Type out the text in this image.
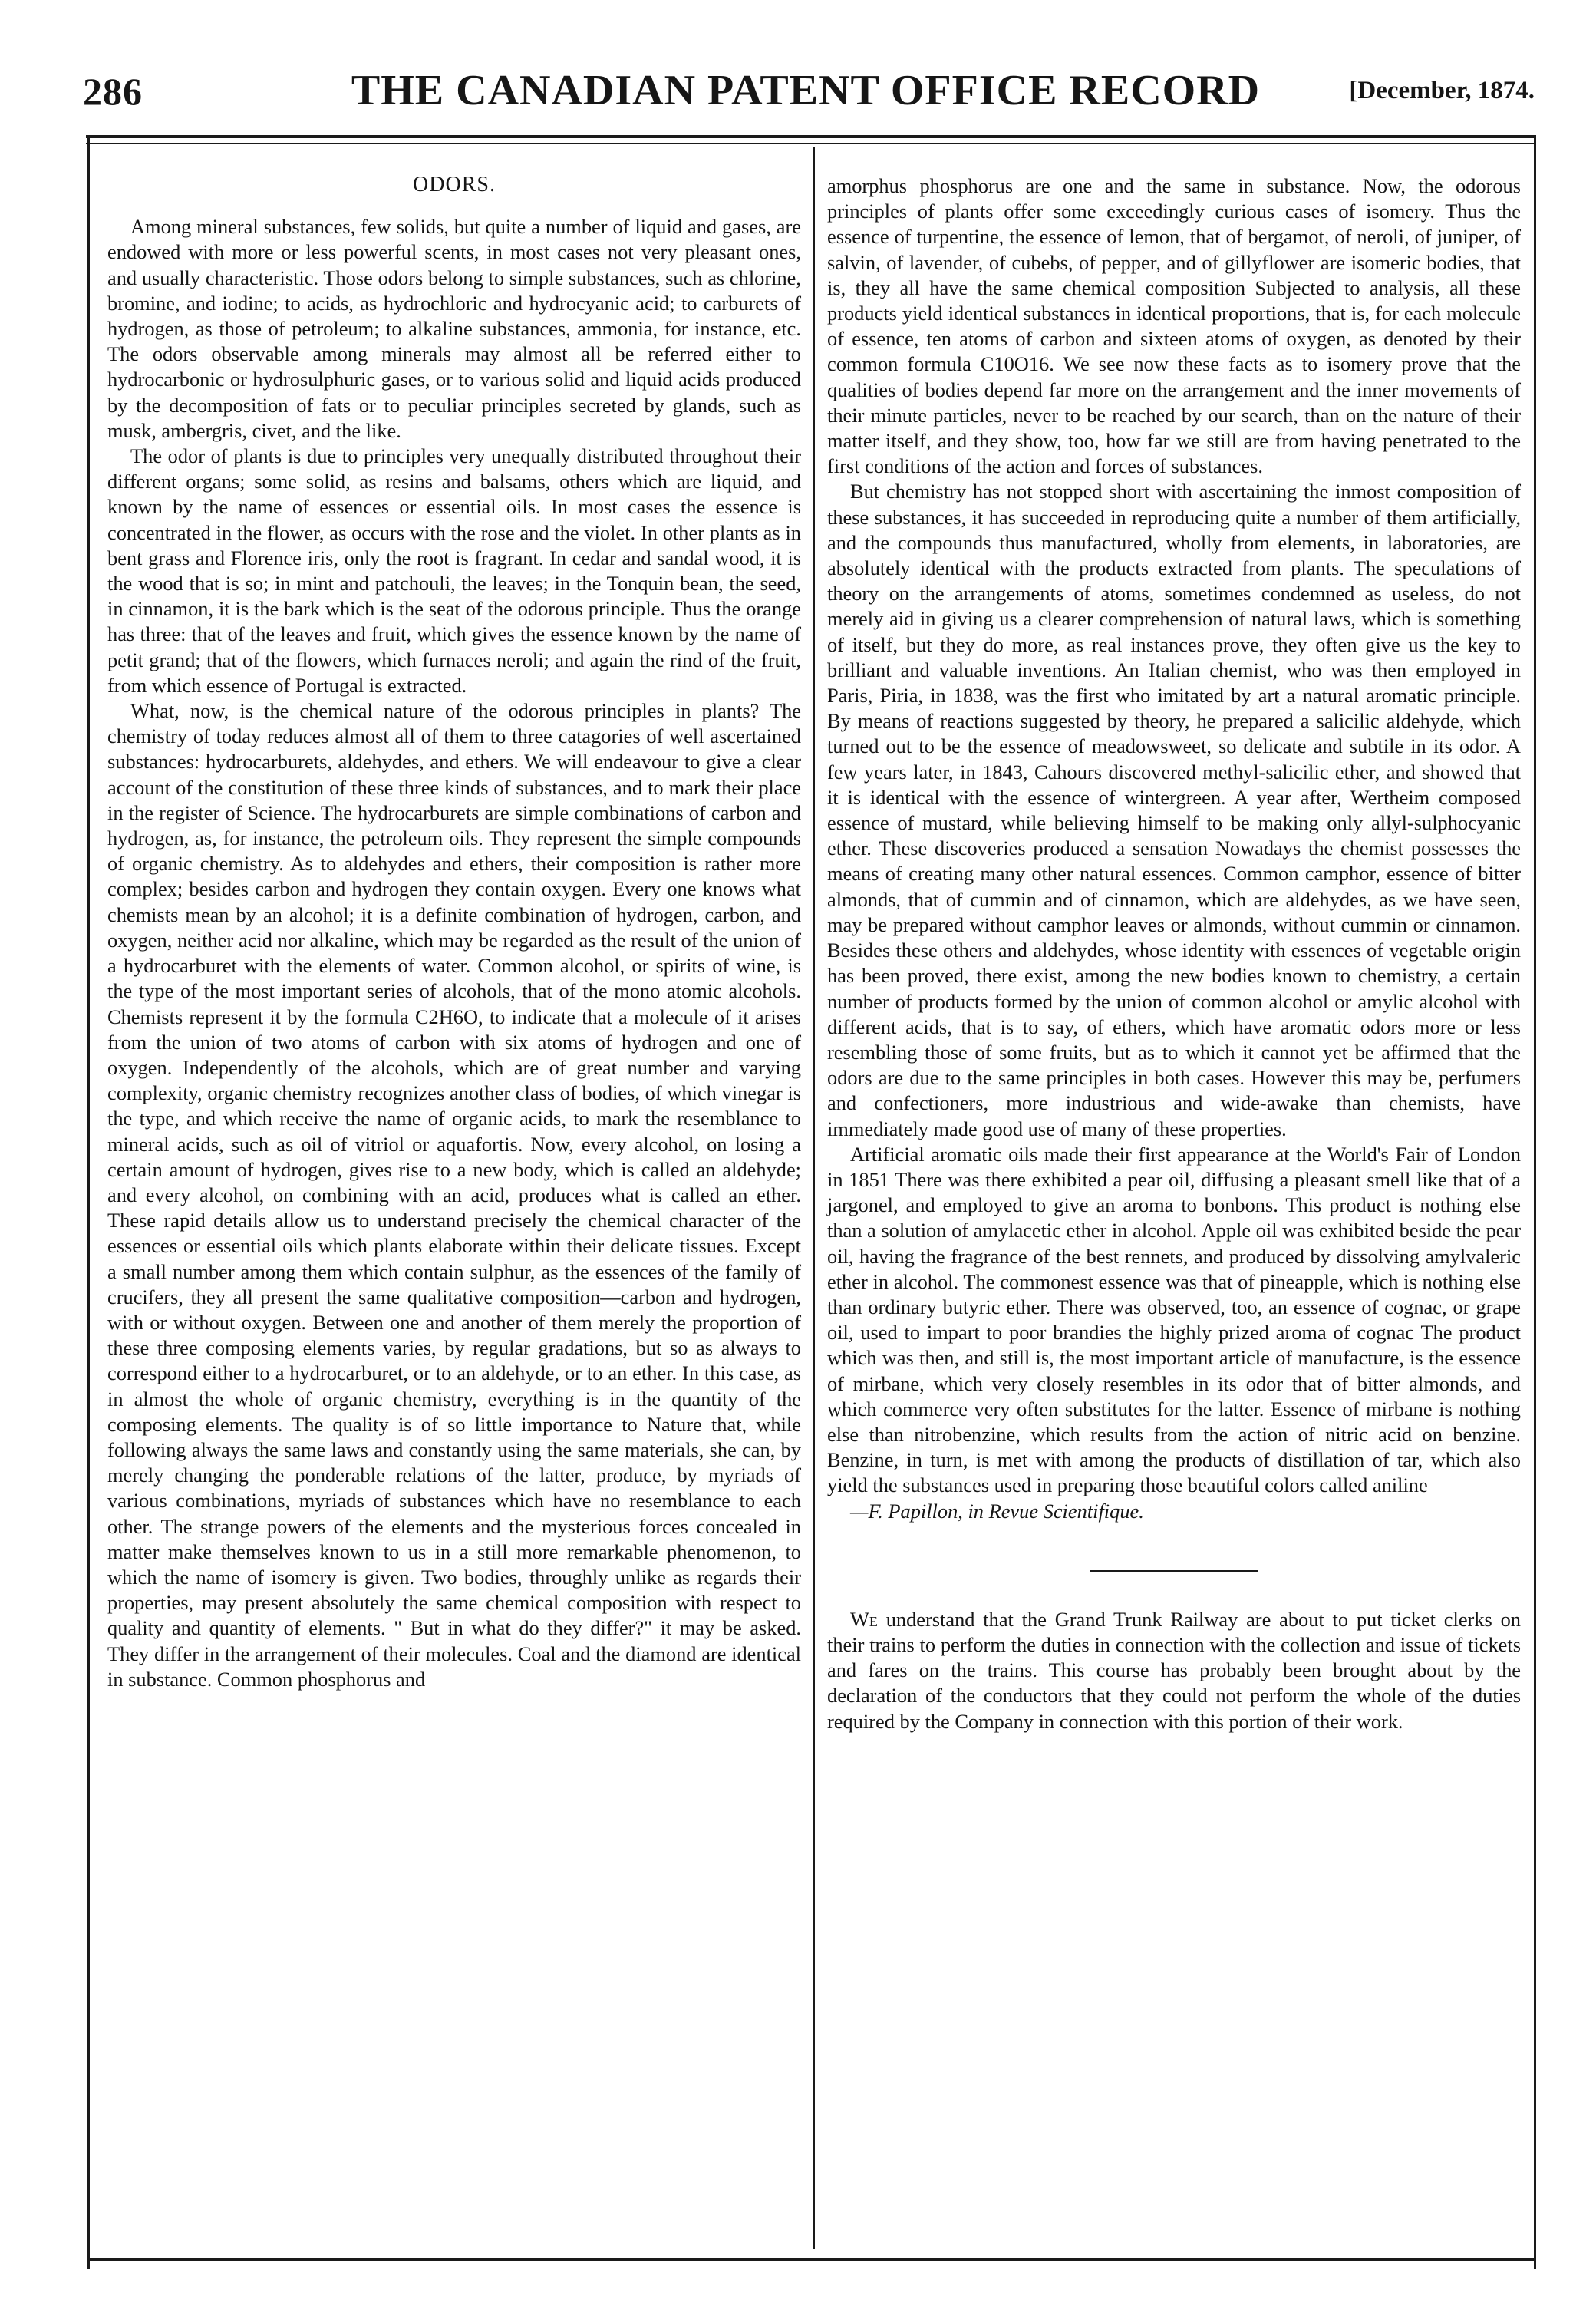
286	THE CANADIAN PATENT OFFICE RECORD	[December, 1874.
ODORS.

Among mineral substances, few solids, but quite a number of liquid and gases, are endowed with more or less powerful scents, in most cases not very pleasant ones, and usually characteristic. Those odors belong to simple substances, such as chlorine, bromine, and iodine; to acids, as hydrochloric and hydrocyanic acid; to carburets of hydrogen, as those of petroleum; to alkaline substances, ammonia, for instance, etc. The odors observable among minerals may almost all be referred either to hydrocarbonic or hydrosulphuric gases, or to various solid and liquid acids produced by the decomposition of fats or to peculiar principles secreted by glands, such as musk, ambergris, civet, and the like.

The odor of plants is due to principles very unequally distributed throughout their different organs; some solid, as resins and balsams, others which are liquid, and known by the name of essences or essential oils. In most cases the essence is concentrated in the flower, as occurs with the rose and the violet. In other plants as in bent grass and Florence iris, only the root is fragrant. In cedar and sandal wood, it is the wood that is so; in mint and patchouli, the leaves; in the Tonquin bean, the seed, in cinnamon, it is the bark which is the seat of the odorous principle. Thus the orange has three: that of the leaves and fruit, which gives the essence known by the name of petit grand; that of the flowers, which furnaces neroli; and again the rind of the fruit, from which essence of Portugal is extracted.

What, now, is the chemical nature of the odorous principles in plants? The chemistry of today reduces almost all of them to three catagories of well ascertained substances: hydrocarburets, aldehydes, and ethers. We will endeavour to give a clear account of the constitution of these three kinds of substances, and to mark their place in the register of Science. The hydrocarburets are simple combinations of carbon and hydrogen, as, for instance, the petroleum oils. They represent the simple compounds of organic chemistry. As to aldehydes and ethers, their composition is rather more complex; besides carbon and hydrogen they contain oxygen. Every one knows what chemists mean by an alcohol; it is a definite combination of hydrogen, carbon, and oxygen, neither acid nor alkaline, which may be regarded as the result of the union of a hydrocarburet with the elements of water. Common alcohol, or spirits of wine, is the type of the most important series of alcohols, that of the mono atomic alcohols. Chemists represent it by the formula C2H6O, to indicate that a molecule of it arises from the union of two atoms of carbon with six atoms of hydrogen and one of oxygen. Independently of the alcohols, which are of great number and varying complexity, organic chemistry recognizes another class of bodies, of which vinegar is the type, and which receive the name of organic acids, to mark the resemblance to mineral acids, such as oil of vitriol or aquafortis. Now, every alcohol, on losing a certain amount of hydrogen, gives rise to a new body, which is called an aldehyde; and every alcohol, on combining with an acid, produces what is called an ether. These rapid details allow us to understand precisely the chemical character of the essences or essential oils which plants elaborate within their delicate tissues. Except a small number among them which contain sulphur, as the essences of the family of crucifers, they all present the same qualitative composition—carbon and hydrogen, with or without oxygen. Between one and another of them merely the proportion of these three composing elements varies, by regular gradations, but so as always to correspond either to a hydrocarburet, or to an aldehyde, or to an ether. In this case, as in almost the whole of organic chemistry, everything is in the quantity of the composing elements. The quality is of so little importance to Nature that, while following always the same laws and constantly using the same materials, she can, by merely changing the ponderable relations of the latter, produce, by myriads of various combinations, myriads of substances which have no resemblance to each other. The strange powers of the elements and the mysterious forces concealed in matter make themselves known to us in a still more remarkable phenomenon, to which the name of isomery is given. Two bodies, throughly unlike as regards their properties, may present absolutely the same chemical composition with respect to quality and quantity of elements. " But in what do they differ?" it may be asked. They differ in the arrangement of their molecules. Coal and the diamond are identical in substance. Common phosphorus and

amorphus phosphorus are one and the same in substance. Now, the odorous principles of plants offer some exceedingly curious cases of isomery. Thus the essence of turpentine, the essence of lemon, that of bergamot, of neroli, of juniper, of salvin, of lavender, of cubebs, of pepper, and of gillyflower are isomeric bodies, that is, they all have the same chemical composition Subjected to analysis, all these products yield identical substances in identical proportions, that is, for each molecule of essence, ten atoms of carbon and sixteen atoms of oxygen, as denoted by their common formula C10O16. We see now these facts as to isomery prove that the qualities of bodies depend far more on the arrangement and the inner movements of their minute particles, never to be reached by our search, than on the nature of their matter itself, and they show, too, how far we still are from having penetrated to the first conditions of the action and forces of substances.

But chemistry has not stopped short with ascertaining the inmost composition of these substances, it has succeeded in reproducing quite a number of them artificially, and the compounds thus manufactured, wholly from elements, in laboratories, are absolutely identical with the products extracted from plants. The speculations of theory on the arrangements of atoms, sometimes condemned as useless, do not merely aid in giving us a clearer comprehension of natural laws, which is something of itself, but they do more, as real instances prove, they often give us the key to brilliant and valuable inventions. An Italian chemist, who was then employed in Paris, Piria, in 1838, was the first who imitated by art a natural aromatic principle. By means of reactions suggested by theory, he prepared a salicilic aldehyde, which turned out to be the essence of meadowsweet, so delicate and subtile in its odor. A few years later, in 1843, Cahours discovered methyl-salicilic ether, and showed that it is identical with the essence of wintergreen. A year after, Wertheim composed essence of mustard, while believing himself to be making only allyl-sulphocyanic ether. These discoveries produced a sensation Nowadays the chemist possesses the means of creating many other natural essences. Common camphor, essence of bitter almonds, that of cummin and of cinnamon, which are aldehydes, as we have seen, may be prepared without camphor leaves or almonds, without cummin or cinnamon. Besides these others and aldehydes, whose identity with essences of vegetable origin has been proved, there exist, among the new bodies known to chemistry, a certain number of products formed by the union of common alcohol or amylic alcohol with different acids, that is to say, of ethers, which have aromatic odors more or less resembling those of some fruits, but as to which it cannot yet be affirmed that the odors are due to the same principles in both cases. However this may be, perfumers and confectioners, more industrious and wide-awake than chemists, have immediately made good use of many of these properties.

Artificial aromatic oils made their first appearance at the World's Fair of London in 1851 There was there exhibited a pear oil, diffusing a pleasant smell like that of a jargonel, and employed to give an aroma to bonbons. This product is nothing else than a solution of amylacetic ether in alcohol. Apple oil was exhibited beside the pear oil, having the fragrance of the best rennets, and produced by dissolving amylvaleric ether in alcohol. The commonest essence was that of pineapple, which is nothing else than ordinary butyric ether. There was observed, too, an essence of cognac, or grape oil, used to impart to poor brandies the highly prized aroma of cognac The product which was then, and still is, the most important article of manufacture, is the essence of mirbane, which very closely resembles in its odor that of bitter almonds, and which commerce very often substitutes for the latter. Essence of mirbane is nothing else than nitrobenzine, which results from the action of nitric acid on benzine. Benzine, in turn, is met with among the products of distillation of tar, which also yield the substances used in preparing those beautiful colors called aniline

—F. Papillon, in Revue Scientifique.

We understand that the Grand Trunk Railway are about to put ticket clerks on their trains to perform the duties in connection with the collection and issue of tickets and fares on the trains. This course has probably been brought about by the declaration of the conductors that they could not perform the whole of the duties required by the Company in connection with this portion of their work.
